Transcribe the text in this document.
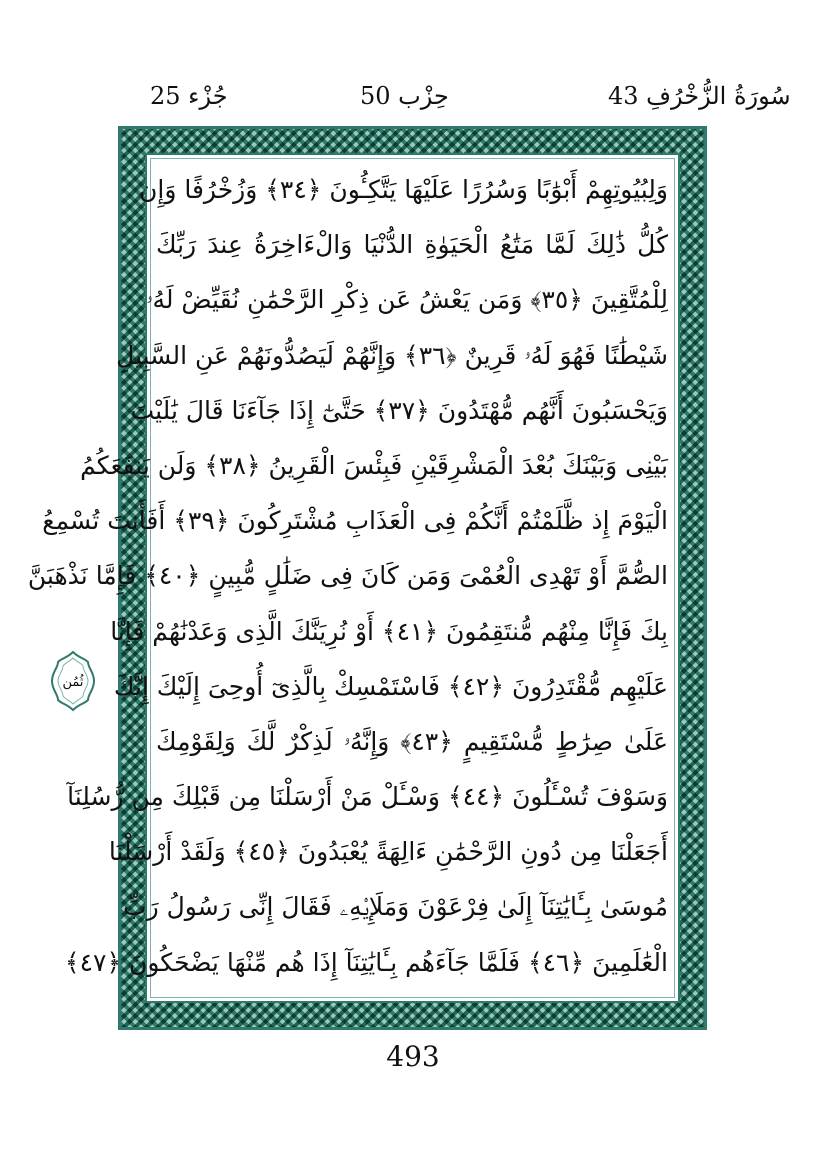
جُزْء 25	حِزْب 50	43 سُورَةُ الزُّخْرُفِ
وَلِبُيُوتِهِمْ أَبْوَٰبًا وَسُرُرًا عَلَيْهَا يَتَّكِـُٔونَ ﴿٣٤﴾ وَزُخْرُفًا وَإِن
كُلُّ ذَٰلِكَ لَمَّا مَتَٰعُ الْحَيَوٰةِ الدُّنْيَا وَالْءَاخِرَةُ عِندَ رَبِّكَ
لِلْمُتَّقِينَ ﴿٣٥﴾ وَمَن يَعْشُ عَن ذِكْرِ الرَّحْمَٰنِ نُقَيِّضْ لَهُۥ
شَيْطَٰنًا فَهُوَ لَهُۥ قَرِينٌ ﴿٣٦﴾ وَإِنَّهُمْ لَيَصُدُّونَهُمْ عَنِ السَّبِيلِ
وَيَحْسَبُونَ أَنَّهُم مُّهْتَدُونَ ﴿٣٧﴾ حَتَّىٰٓ إِذَا جَآءَنَا قَالَ يَٰلَيْتَ
بَيْنِى وَبَيْنَكَ بُعْدَ الْمَشْرِقَيْنِ فَبِئْسَ الْقَرِينُ ﴿٣٨﴾ وَلَن يَنفَعَكُمُ
الْيَوْمَ إِذ ظَّلَمْتُمْ أَنَّكُمْ فِى الْعَذَابِ مُشْتَرِكُونَ ﴿٣٩﴾ أَفَأَنتَ تُسْمِعُ
الصُّمَّ أَوْ تَهْدِى الْعُمْىَ وَمَن كَانَ فِى ضَلَٰلٍ مُّبِينٍ ﴿٤٠﴾ فَإِمَّا نَذْهَبَنَّ
بِكَ فَإِنَّا مِنْهُم مُّنتَقِمُونَ ﴿٤١﴾ أَوْ نُرِيَنَّكَ الَّذِى وَعَدْنَٰهُمْ فَإِنَّا
عَلَيْهِم مُّقْتَدِرُونَ ﴿٤٢﴾ فَاسْتَمْسِكْ بِالَّذِىٓ أُوحِىَ إِلَيْكَ إِنَّكَ
عَلَىٰ صِرَٰطٍ مُّسْتَقِيمٍ ﴿٤٣﴾ وَإِنَّهُۥ لَذِكْرٌ لَّكَ وَلِقَوْمِكَ
وَسَوْفَ تُسْـَٔلُونَ ﴿٤٤﴾ وَسْـَٔلْ مَنْ أَرْسَلْنَا مِن قَبْلِكَ مِن رُّسُلِنَآ
أَجَعَلْنَا مِن دُونِ الرَّحْمَٰنِ ءَالِهَةً يُعْبَدُونَ ﴿٤٥﴾ وَلَقَدْ أَرْسَلْنَا
مُوسَىٰ بِـَٔايَٰتِنَآ إِلَىٰ فِرْعَوْنَ وَمَلَإِي۟هِۦ فَقَالَ إِنِّى رَسُولُ رَبِّ
الْعَٰلَمِينَ ﴿٤٦﴾ فَلَمَّا جَآءَهُم بِـَٔايَٰتِنَآ إِذَا هُم مِّنْهَا يَضْحَكُونَ ﴿٤٧﴾
ثُمُن
493
